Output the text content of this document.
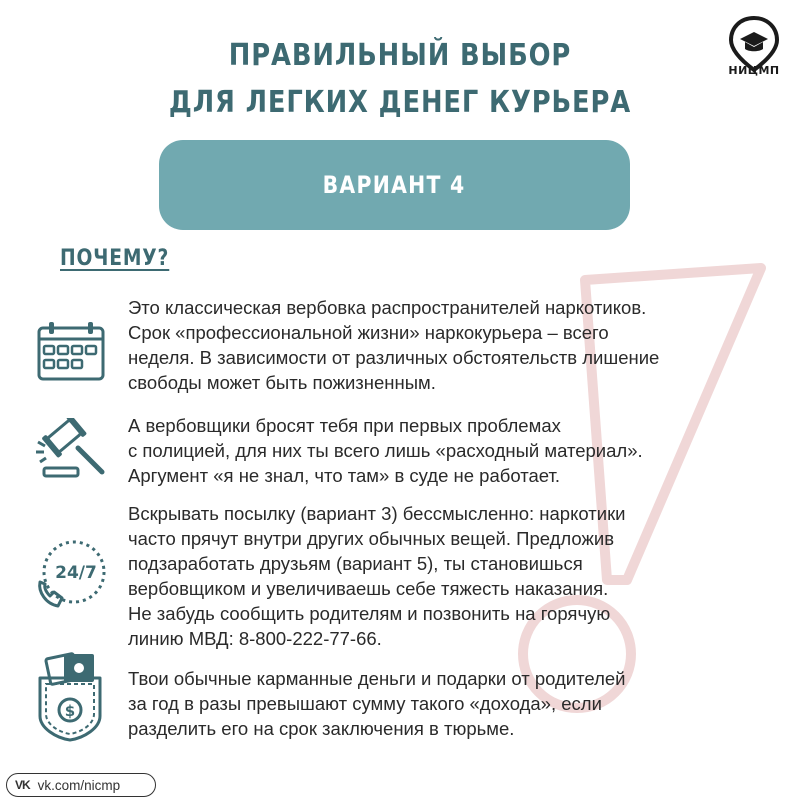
ПРАВИЛЬНЫЙ ВЫБОР
ДЛЯ ЛЕГКИХ ДЕНЕГ КУРЬЕРА
НИЦМП
ВАРИАНТ 4
ПОЧЕМУ?
Это классическая вербовка распространителей наркотиков.
Срок «профессиональной жизни» наркокурьера – всего
неделя. В зависимости от различных обстоятельств лишение
свободы может быть пожизненным.
А вербовщики бросят тебя при первых проблемах
с полицией, для них ты всего лишь «расходный материал».
Аргумент «я не знал, что там» в суде не работает.
24/7
Вскрывать посылку (вариант 3) бессмысленно: наркотики
часто прячут внутри других обычных вещей. Предложив
подзаработать друзьям (вариант 5), ты становишься
вербовщиком и увеличиваешь себе тяжесть наказания.
Не забудь сообщить родителям и позвонить на горячую
линию МВД: 8-800-222-77-66.
$
Твои обычные карманные деньги и подарки от родителей
за год в разы превышают сумму такого «дохода», если
разделить его на срок заключения в тюрьме.
VK vk.com/nicmp
